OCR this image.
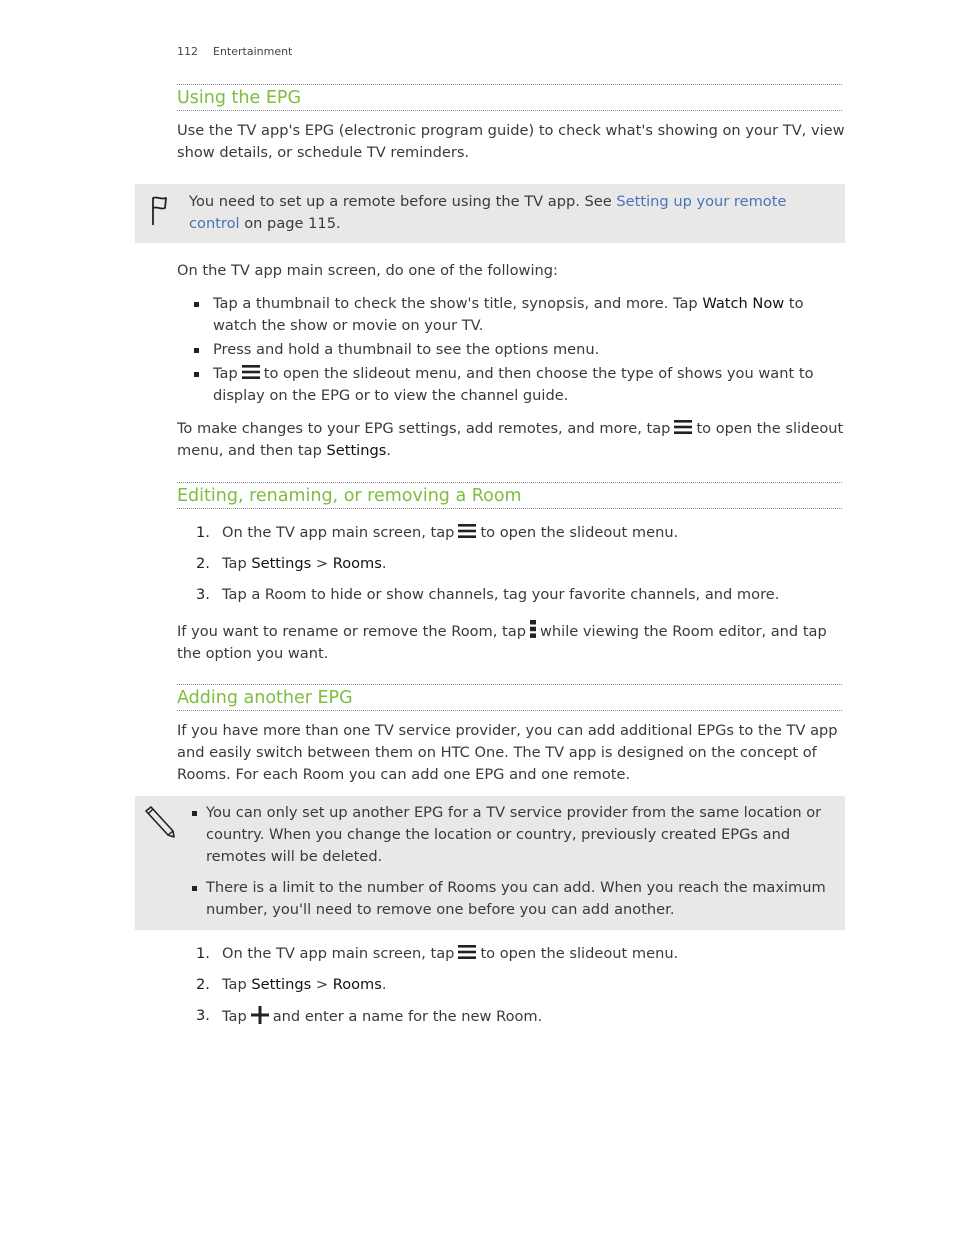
112 Entertainment
Using the EPG

Use the TV app's EPG (electronic program guide) to check what's showing on your TV, view show details, or schedule TV reminders.

You need to set up a remote before using the TV app. See Setting up your remote control on page 115.

On the TV app main screen, do one of the following:

Tap a thumbnail to check the show's title, synopsis, and more. Tap Watch Now to watch the show or movie on your TV.
Press and hold a thumbnail to see the options menu.
Tap to open the slideout menu, and then choose the type of shows you want to display on the EPG or to view the channel guide.

To make changes to your EPG settings, add remotes, and more, tap to open the slideout menu, and then tap Settings.

Editing, renaming, or removing a Room
1. On the TV app main screen, tap to open the slideout menu.
2. Tap Settings > Rooms.
3. Tap a Room to hide or show channels, tag your favorite channels, and more.

If you want to rename or remove the Room, tap while viewing the Room editor, and tap the option you want.

Adding another EPG

If you have more than one TV service provider, you can add additional EPGs to the TV app and easily switch between them on HTC One. The TV app is designed on the concept of Rooms. For each Room you can add one EPG and one remote.

You can only set up another EPG for a TV service provider from the same location or country. When you change the location or country, previously created EPGs and remotes will be deleted.
There is a limit to the number of Rooms you can add. When you reach the maximum number, you'll need to remove one before you can add another.
1. On the TV app main screen, tap to open the slideout menu.
2. Tap Settings > Rooms.
3. Tap and enter a name for the new Room.
